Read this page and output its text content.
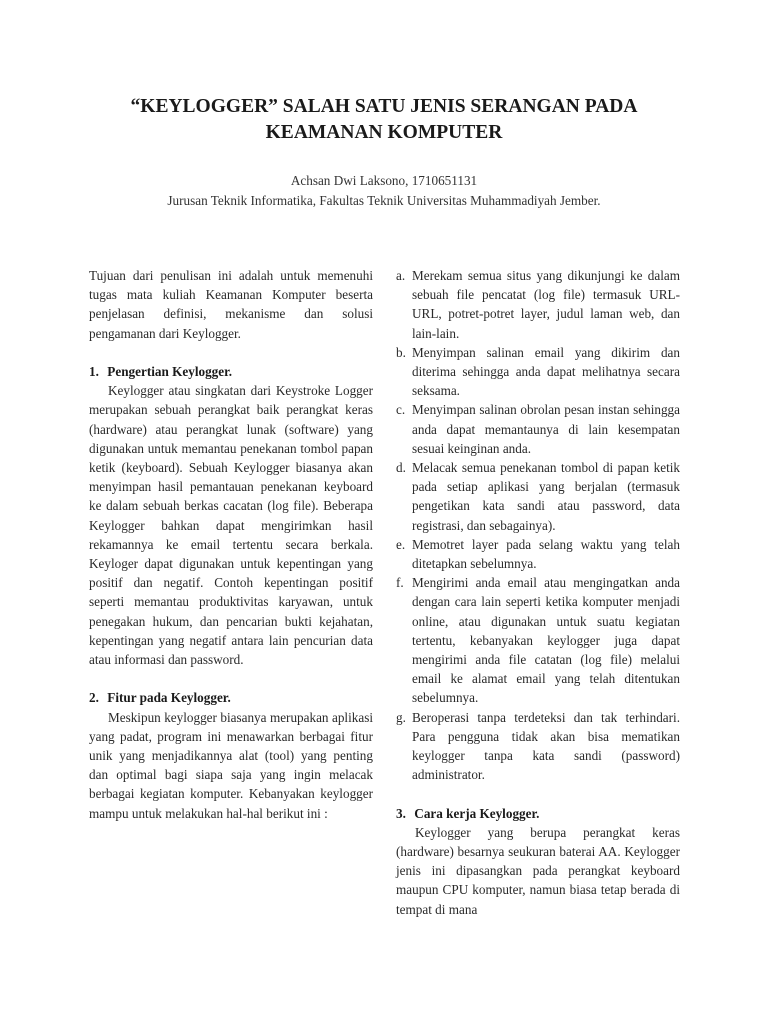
“KEYLOGGER” SALAH SATU JENIS SERANGAN PADA
KEAMANAN KOMPUTER
Achsan Dwi Laksono, 1710651131
Jurusan Teknik Informatika, Fakultas Teknik Universitas Muhammadiyah Jember.

Tujuan dari penulisan ini adalah untuk memenuhi tugas mata kuliah Keamanan Komputer beserta penjelasan definisi, mekanisme dan solusi pengamanan dari Keylogger.

1. Pengertian Keylogger.

Keylogger atau singkatan dari Keystroke Logger merupakan sebuah perangkat baik perangkat keras (hardware) atau perangkat lunak (software) yang digunakan untuk memantau penekanan tombol papan ketik (keyboard). Sebuah Keylogger biasanya akan menyimpan hasil pemantauan penekanan keyboard ke dalam sebuah berkas cacatan (log file). Beberapa Keylogger bahkan dapat mengirimkan hasil rekamannya ke email tertentu secara berkala. Keyloger dapat digunakan untuk kepentingan yang positif dan negatif. Contoh kepentingan positif seperti memantau produktivitas karyawan, untuk penegakan hukum, dan pencarian bukti kejahatan, kepentingan yang negatif antara lain pencurian data atau informasi dan password.

2. Fitur pada Keylogger.

Meskipun keylogger biasanya merupakan aplikasi yang padat, program ini menawarkan berbagai fitur unik yang menjadikannya alat (tool) yang penting dan optimal bagi siapa saja yang ingin melacak berbagai kegiatan komputer. Kebanyakan keylogger mampu untuk melakukan hal-hal berikut ini :

a. Merekam semua situs yang dikunjungi ke dalam sebuah file pencatat (log file) termasuk URL-URL, potret-potret layer, judul laman web, dan lain-lain.
b. Menyimpan salinan email yang dikirim dan diterima sehingga anda dapat melihatnya secara seksama.
c. Menyimpan salinan obrolan pesan instan sehingga anda dapat memantaunya di lain kesempatan sesuai keinginan anda.
d. Melacak semua penekanan tombol di papan ketik pada setiap aplikasi yang berjalan (termasuk pengetikan kata sandi atau password, data registrasi, dan sebagainya).
e. Memotret layer pada selang waktu yang telah ditetapkan sebelumnya.
f. Mengirimi anda email atau mengingatkan anda dengan cara lain seperti ketika komputer menjadi online, atau digunakan untuk suatu kegiatan tertentu, kebanyakan keylogger juga dapat mengirimi anda file catatan (log file) melalui email ke alamat email yang telah ditentukan sebelumnya.
g. Beroperasi tanpa terdeteksi dan tak terhindari. Para pengguna tidak akan bisa mematikan keylogger tanpa kata sandi (password) administrator.
3. Cara kerja Keylogger.

Keylogger yang berupa perangkat keras (hardware) besarnya seukuran baterai AA. Keylogger jenis ini dipasangkan pada perangkat keyboard maupun CPU komputer, namun biasa tetap berada di tempat di mana
